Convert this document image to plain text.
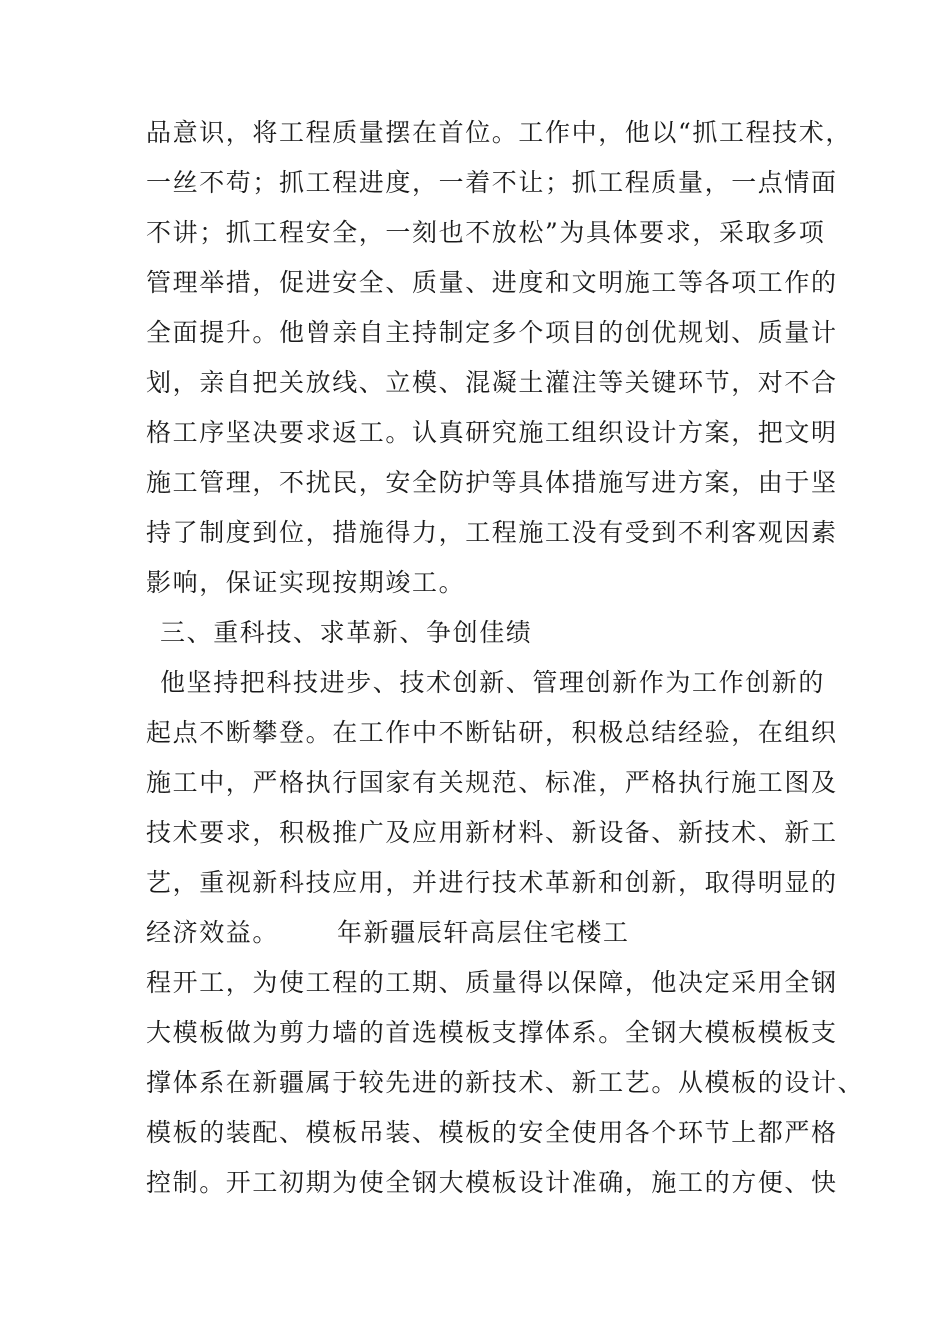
品意识，将工程质量摆在首位。工作中，他以“抓工程技术，
一丝不苟；抓工程进度，一着不让；抓工程质量，一点情面
不讲；抓工程安全，一刻也不放松”为具体要求，采取多项
管理举措，促进安全、质量、进度和文明施工等各项工作的
全面提升。他曾亲自主持制定多个项目的创优规划、质量计
划，亲自把关放线、立模、混凝土灌注等关键环节，对不合
格工序坚决要求返工。认真研究施工组织设计方案，把文明
施工管理，不扰民，安全防护等具体措施写进方案，由于坚
持了制度到位，措施得力，工程施工没有受到不利客观因素
影响，保证实现按期竣工。
三、重科技、求革新、争创佳绩
他坚持把科技进步、技术创新、管理创新作为工作创新的
起点不断攀登。在工作中不断钻研，积极总结经验，在组织
施工中，严格执行国家有关规范、标准，严格执行施工图及
技术要求，积极推广及应用新材料、新设备、新技术、新工
艺，重视新科技应用，并进行技术革新和创新，取得明显的
经济效益。 年新疆辰轩高层住宅楼工
程开工，为使工程的工期、质量得以保障，他决定采用全钢
大模板做为剪力墙的首选模板支撑体系。全钢大模板模板支
撑体系在新疆属于较先进的新技术、新工艺。从模板的设计、
模板的装配、模板吊装、模板的安全使用各个环节上都严格
控制。开工初期为使全钢大模板设计准确，施工的方便、快
